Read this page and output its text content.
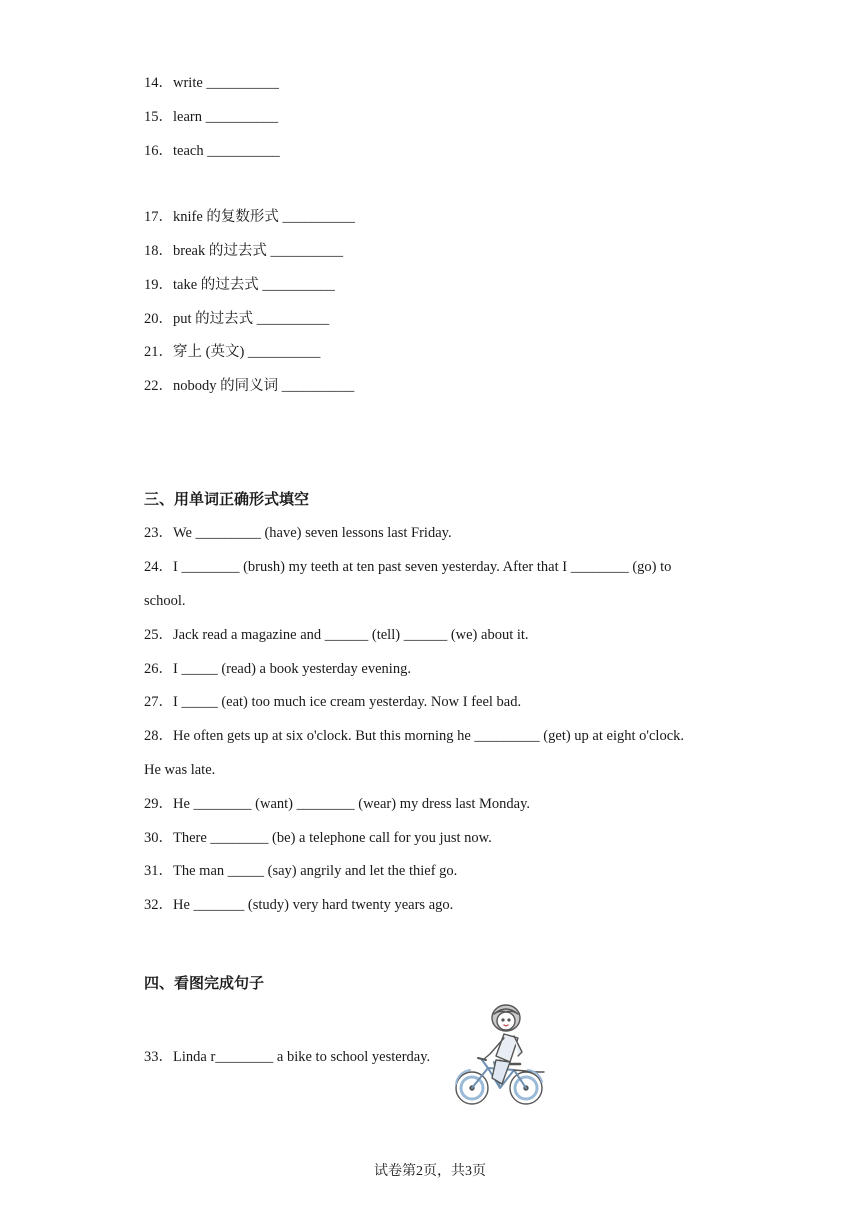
14．write __________
15．learn __________
16．teach __________
17．knife 的复数形式 __________
18．break 的过去式 __________
19．take 的过去式 __________
20．put 的过去式 __________
21．穿上 (英文) __________
22．nobody 的同义词 __________
三、用单词正确形式填空
23．We _________ (have) seven lessons last Friday.
24．I ________ (brush) my teeth at ten past seven yesterday. After that I ________ (go) to
school.
25．Jack read a magazine and ______ (tell) ______ (we) about it.
26．I _____ (read) a book yesterday evening.
27．I _____ (eat) too much ice cream yesterday. Now I feel bad.
28．He often gets up at six o'clock. But this morning he _________ (get) up at eight o'clock.
He was late.
29．He ________ (want) ________ (wear) my dress last Monday.
30．There ________ (be) a telephone call for you just now.
31．The man _____ (say) angrily and let the thief go.
32．He _______ (study) very hard twenty years ago.
四、看图完成句子
33．Linda r________ a bike to school yesterday.
试卷第2页，共3页
